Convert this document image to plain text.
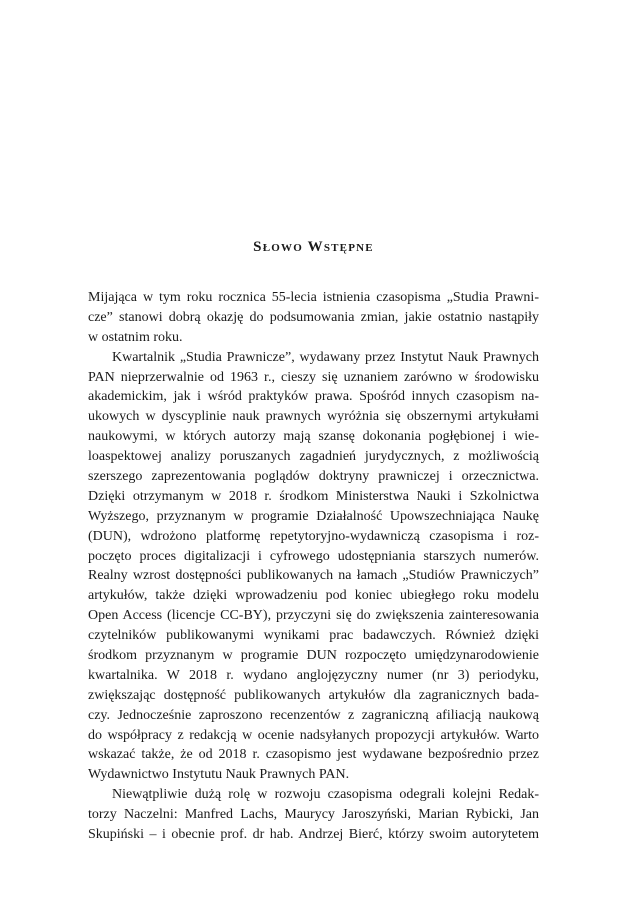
Słowo Wstępne
Mijająca w tym roku rocznica 55-lecia istnienia czasopisma „Studia Prawni-
cze” stanowi dobrą okazję do podsumowania zmian, jakie ostatnio nastąpiły
w ostatnim roku.
Kwartalnik „Studia Prawnicze”, wydawany przez Instytut Nauk Prawnych
PAN nieprzerwalnie od 1963 r., cieszy się uznaniem zarówno w środowisku
akademickim, jak i wśród praktyków prawa. Spośród innych czasopism na-
ukowych w dyscyplinie nauk prawnych wyróżnia się obszernymi artykułami
naukowymi, w których autorzy mają szansę dokonania pogłębionej i wie-
loaspektowej analizy poruszanych zagadnień jurydycznych, z możliwością
szerszego zaprezentowania poglądów doktryny prawniczej i orzecznictwa.
Dzięki otrzymanym w 2018 r. środkom Ministerstwa Nauki i Szkolnictwa
Wyższego, przyznanym w programie Działalność Upowszechniająca Naukę
(DUN), wdrożono platformę repetytoryjno-wydawniczą czasopisma i roz-
poczęto proces digitalizacji i cyfrowego udostępniania starszych numerów.
Realny wzrost dostępności publikowanych na łamach „Studiów Prawniczych”
artykułów, także dzięki wprowadzeniu pod koniec ubiegłego roku modelu
Open Access (licencje CC-BY), przyczyni się do zwiększenia zainteresowania
czytelników publikowanymi wynikami prac badawczych. Również dzięki
środkom przyznanym w programie DUN rozpoczęto umiędzynarodowienie
kwartalnika. W 2018 r. wydano anglojęzyczny numer (nr 3) periodyku,
zwiększając dostępność publikowanych artykułów dla zagranicznych bada-
czy. Jednocześnie zaproszono recenzentów z zagraniczną afiliacją naukową
do współpracy z redakcją w ocenie nadsyłanych propozycji artykułów. Warto
wskazać także, że od 2018 r. czasopismo jest wydawane bezpośrednio przez
Wydawnictwo Instytutu Nauk Prawnych PAN.
Niewątpliwie dużą rolę w rozwoju czasopisma odegrali kolejni Redak-
torzy Naczelni: Manfred Lachs, Maurycy Jaroszyński, Marian Rybicki, Jan
Skupiński – i obecnie prof. dr hab. Andrzej Bierć, którzy swoim autorytetem
